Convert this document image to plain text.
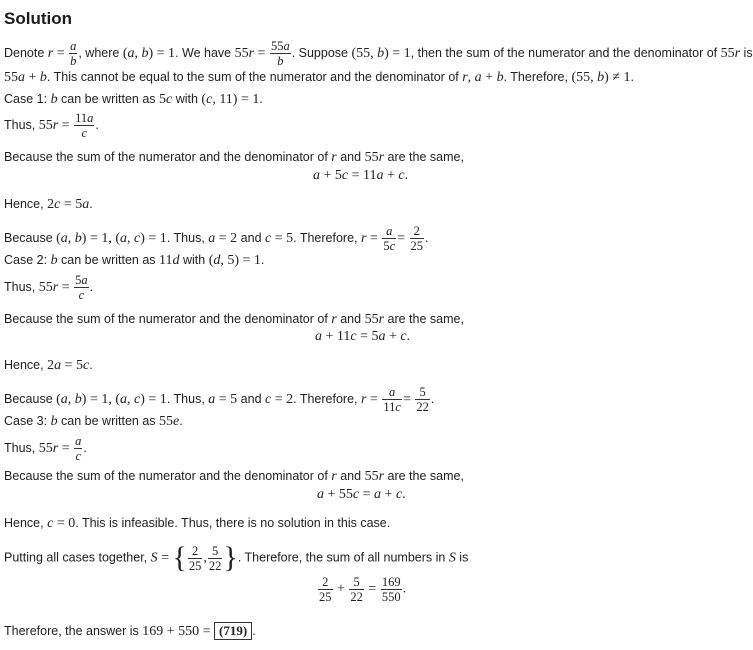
Solution
Denote $r = \frac{a}{b}$ , where (a, b) = 1. We have $55r = \frac{55a}{b}$ . Suppose (55, b) = 1, then the sum of the numerator and the denominator of 55r is
55a + b. This cannot be equal to the sum of the numerator and the denominator of r, a + b. Therefore, (55, b) ≠ 1.
Case 1: b can be written as 5c with (c, 11) = 1.
Thus, $55r = \frac{11a}{c}$ .
Because the sum of the numerator and the denominator of r and 55r are the same,
a + 5c = 11a + c.
Hence, 2c = 5a.
Because (a, b) = 1, (a, c) = 1. Thus, a = 2 and c = 5. Therefore, $r = \frac{a}{5c} = \frac{2}{25}$ .
Case 2: b can be written as 11d with (d, 5) = 1.
Thus, $55r = \frac{5a}{c}$ .
Because the sum of the numerator and the denominator of r and 55r are the same,
a + 11c = 5a + c.
Hence, 2a = 5c.
Because (a, b) = 1, (a, c) = 1. Thus, a = 5 and c = 2. Therefore, $r = \frac{a}{11c} = \frac{5}{22}$ .
Case 3: b can be written as 55e.
Thus, $55r = \frac{a}{c}$ .
Because the sum of the numerator and the denominator of r and 55r are the same,
a + 55c = a + c.
Hence, c = 0. This is infeasible. Thus, there is no solution in this case.
Putting all cases together, S = { $\frac{2}{25}$ , $\frac{5}{22}$ }. Therefore, the sum of all numbers in S is
$\frac{2}{25} + \frac{5}{22} = \frac{169}{550}$ .
Therefore, the answer is 169 + 550 = (719) .
